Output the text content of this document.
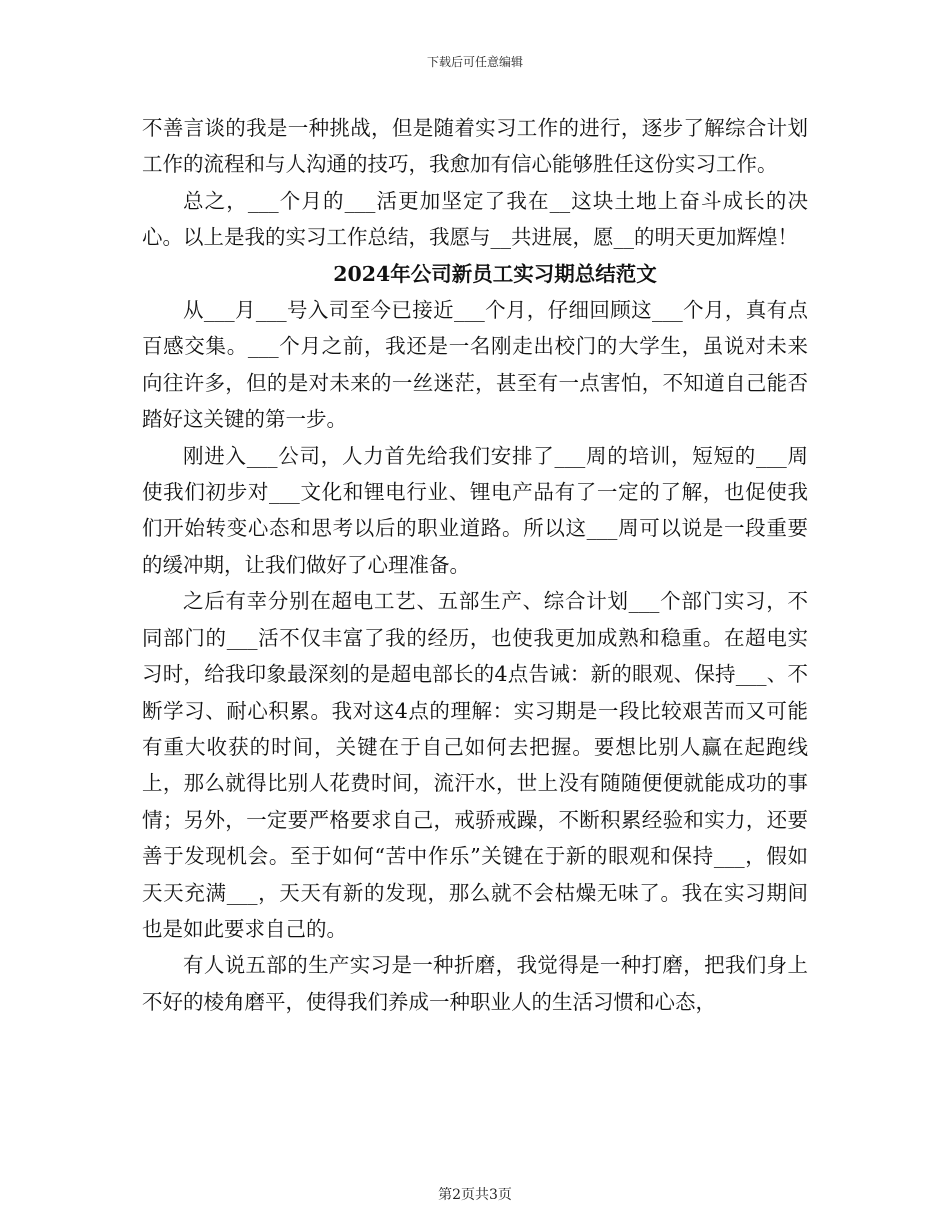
下载后可任意编辑

不善言谈的我是一种挑战，但是随着实习工作的进行，逐步了解综合计划工作的流程和与人沟通的技巧，我愈加有信心能够胜任这份实习工作。

总之，___个月的___活更加坚定了我在__这块土地上奋斗成长的决心。以上是我的实习工作总结，我愿与__共进展，愿__的明天更加辉煌！

2024年公司新员工实习期总结范文

从___月___号入司至今已接近___个月，仔细回顾这___个月，真有点百感交集。___个月之前，我还是一名刚走出校门的大学生，虽说对未来向往许多，但的是对未来的一丝迷茫，甚至有一点害怕，不知道自己能否踏好这关键的第一步。

刚进入___公司，人力首先给我们安排了___周的培训，短短的___周使我们初步对___文化和锂电行业、锂电产品有了一定的了解，也促使我们开始转变心态和思考以后的职业道路。所以这___周可以说是一段重要的缓冲期，让我们做好了心理准备。

之后有幸分别在超电工艺、五部生产、综合计划___个部门实习，不同部门的___活不仅丰富了我的经历，也使我更加成熟和稳重。在超电实习时，给我印象最深刻的是超电部长的4点告诫：新的眼观、保持___、不断学习、耐心积累。我对这4点的理解：实习期是一段比较艰苦而又可能有重大收获的时间，关键在于自己如何去把握。要想比别人赢在起跑线上，那么就得比别人花费时间，流汗水，世上没有随随便便就能成功的事情；另外，一定要严格要求自己，戒骄戒躁，不断积累经验和实力，还要善于发现机会。至于如何“苦中作乐”关键在于新的眼观和保持___，假如天天充满___，天天有新的发现，那么就不会枯燥无味了。我在实习期间也是如此要求自己的。

有人说五部的生产实习是一种折磨，我觉得是一种打磨，把我们身上不好的棱角磨平，使得我们养成一种职业人的生活习惯和心态，

第2页共3页
